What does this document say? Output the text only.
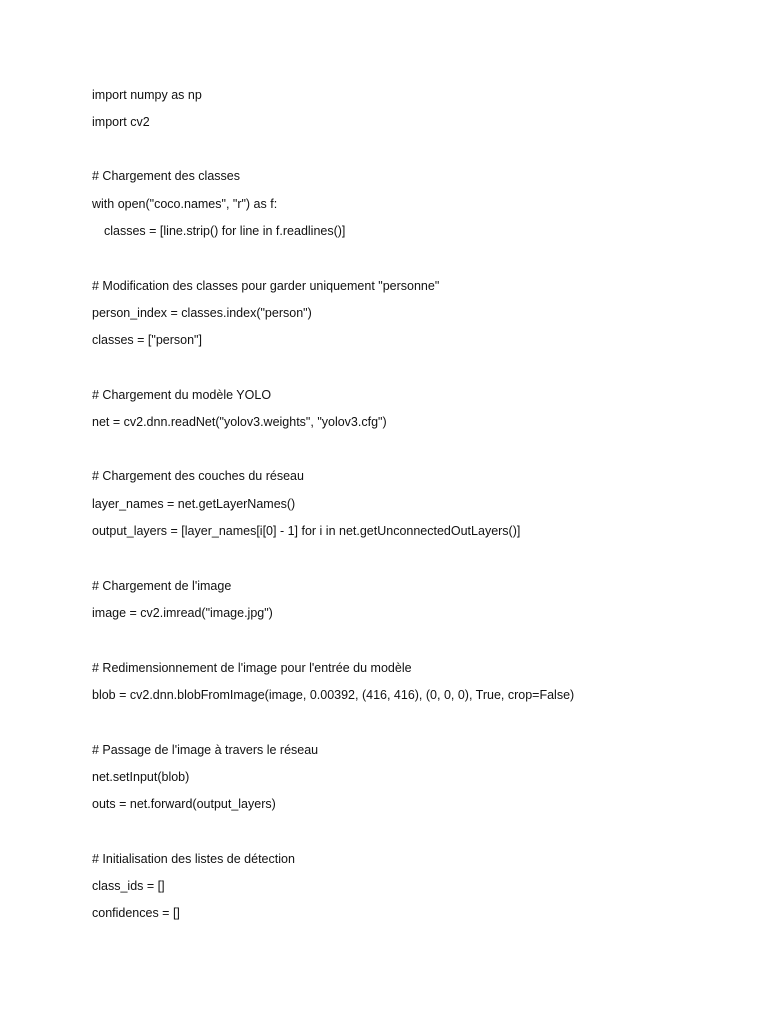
import numpy as np
import cv2
# Chargement des classes
with open("coco.names", "r") as f:
classes = [line.strip() for line in f.readlines()]
# Modification des classes pour garder uniquement "personne"
person_index = classes.index("person")
classes = ["person"]
# Chargement du modèle YOLO
net = cv2.dnn.readNet("yolov3.weights", "yolov3.cfg")
# Chargement des couches du réseau
layer_names = net.getLayerNames()
output_layers = [layer_names[i[0] - 1] for i in net.getUnconnectedOutLayers()]
# Chargement de l'image
image = cv2.imread("image.jpg")
# Redimensionnement de l'image pour l'entrée du modèle
blob = cv2.dnn.blobFromImage(image, 0.00392, (416, 416), (0, 0, 0), True, crop=False)
# Passage de l'image à travers le réseau
net.setInput(blob)
outs = net.forward(output_layers)
# Initialisation des listes de détection
class_ids = []
confidences = []
